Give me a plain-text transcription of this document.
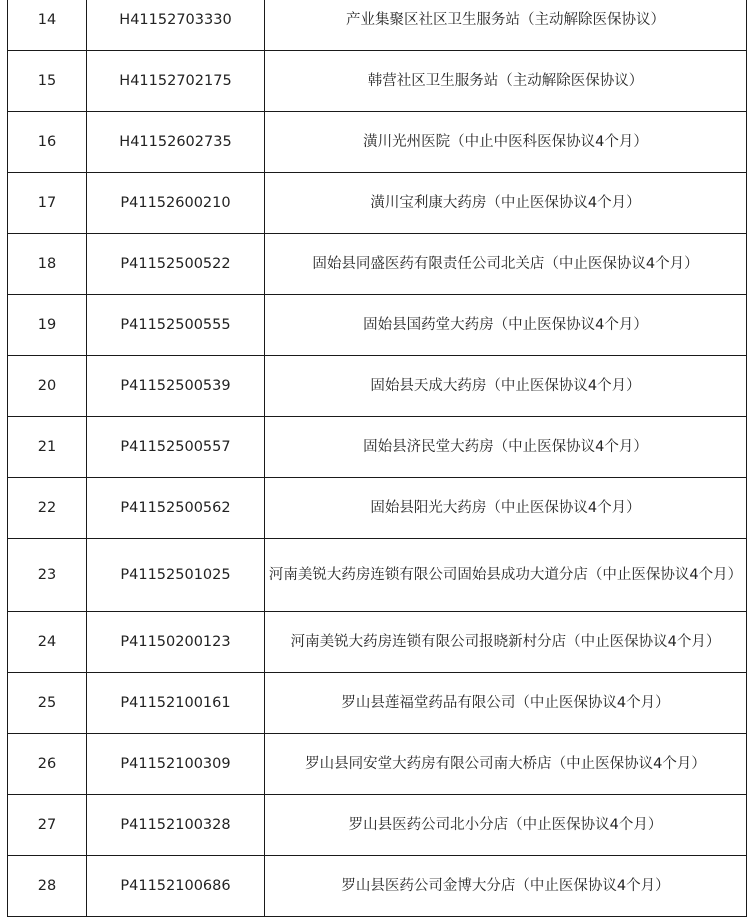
14	H41152703330	产业集聚区社区卫生服务站（主动解除医保协议）
15	H41152702175	韩营社区卫生服务站（主动解除医保协议）
16	H41152602735	潢川光州医院（中止中医科医保协议4个月）
17	P41152600210	潢川宝利康大药房（中止医保协议4个月）
18	P41152500522	固始县同盛医药有限责任公司北关店（中止医保协议4个月）
19	P41152500555	固始县国药堂大药房（中止医保协议4个月）
20	P41152500539	固始县天成大药房（中止医保协议4个月）
21	P41152500557	固始县济民堂大药房（中止医保协议4个月）
22	P41152500562	固始县阳光大药房（中止医保协议4个月）
23	P41152501025	河南美锐大药房连锁有限公司固始县成功大道分店（中止医保协议4个月）
24	P41150200123	河南美锐大药房连锁有限公司报晓新村分店（中止医保协议4个月）
25	P41152100161	罗山县莲福堂药品有限公司（中止医保协议4个月）
26	P41152100309	罗山县同安堂大药房有限公司南大桥店（中止医保协议4个月）
27	P41152100328	罗山县医药公司北小分店（中止医保协议4个月）
28	P41152100686	罗山县医药公司金博大分店（中止医保协议4个月）
